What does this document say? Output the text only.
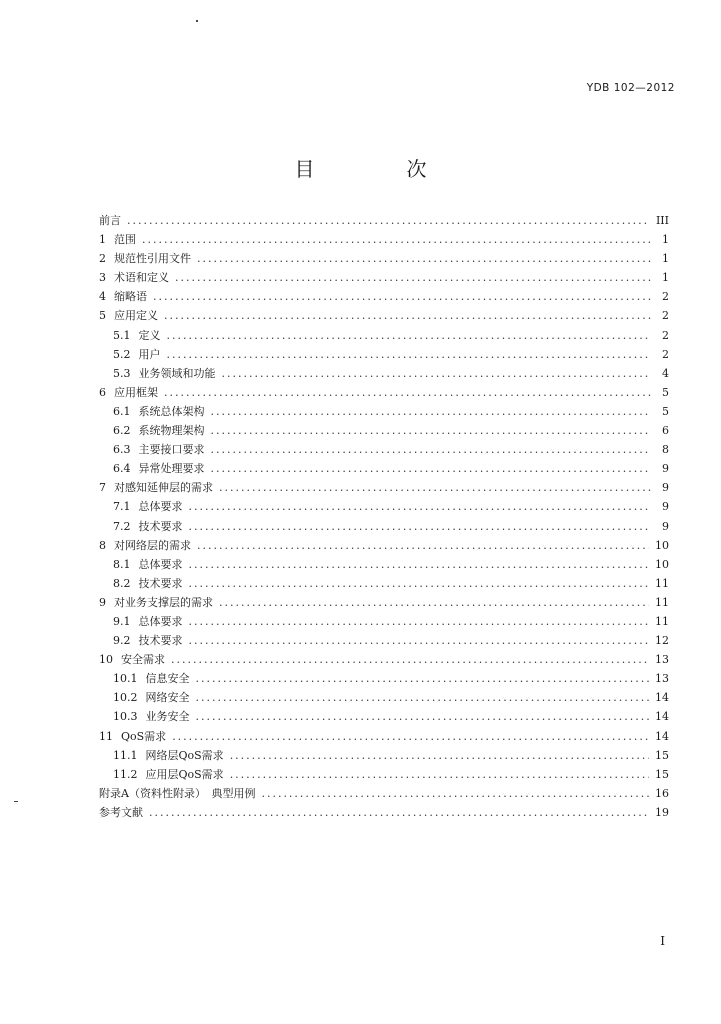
YDB 102—2012
目　次
前言 .....	III
1 范围 .....	1
2 规范性引用文件 .....	1
3 术语和定义 .....	1
4 缩略语 .....	2
5 应用定义 .....	2
5.1 定义 .....	2
5.2 用户 .....	2
5.3 业务领域和功能 .....	4
6 应用框架 .....	5
6.1 系统总体架构 .....	5
6.2 系统物理架构 .....	6
6.3 主要接口要求 .....	8
6.4 异常处理要求 .....	9
7 对感知延伸层的需求 .....	9
7.1 总体要求 .....	9
7.2 技术要求 .....	9
8 对网络层的需求 .....	10
8.1 总体要求 .....	10
8.2 技术要求 .....	11
9 对业务支撑层的需求 .....	11
9.1 总体要求 .....	11
9.2 技术要求 .....	12
10 安全需求 .....	13
10.1 信息安全 .....	13
10.2 网络安全 .....	14
10.3 业务安全 .....	14
11 QoS需求 .....	14
11.1 网络层QoS需求 .....	15
11.2 应用层QoS需求 .....	15
附录A（资料性附录）　典型用例 .....	16
参考文献 .....	19
I
